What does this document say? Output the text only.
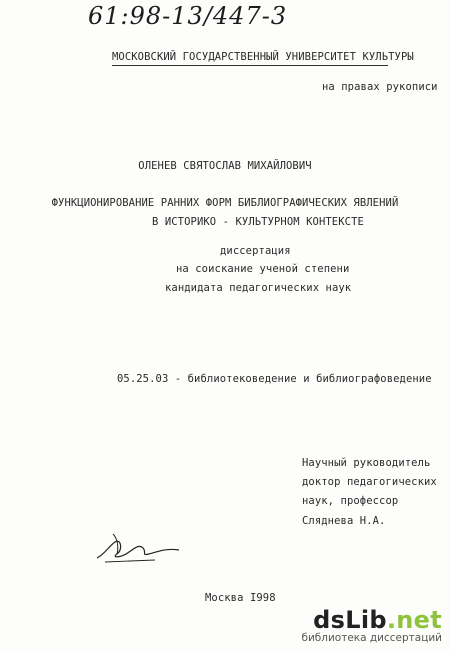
61:98-13/447-3
МОСКОВСКИЙ ГОСУДАРСТВЕННЫЙ УНИВЕРСИТЕТ КУЛЬТУРЫ
на правах рукописи
ОЛЕНЕВ СВЯТОСЛАВ МИХАЙЛОВИЧ
ФУНКЦИОНИРОВАНИЕ РАННИХ ФОРМ БИБЛИОГРАФИЧЕСКИХ ЯВЛЕНИЙ
В ИСТОРИКО - КУЛЬТУРНОМ КОНТЕКСТЕ
диссертация
на соискание ученой степени
кандидата педагогических наук
05.25.03 - библиотековедение и библиографоведение
Научный руководитель
доктор педагогических
наук, профессор
Сляднева Н.А.
Москва I998
dsLib.net
библиотека диссертаций
